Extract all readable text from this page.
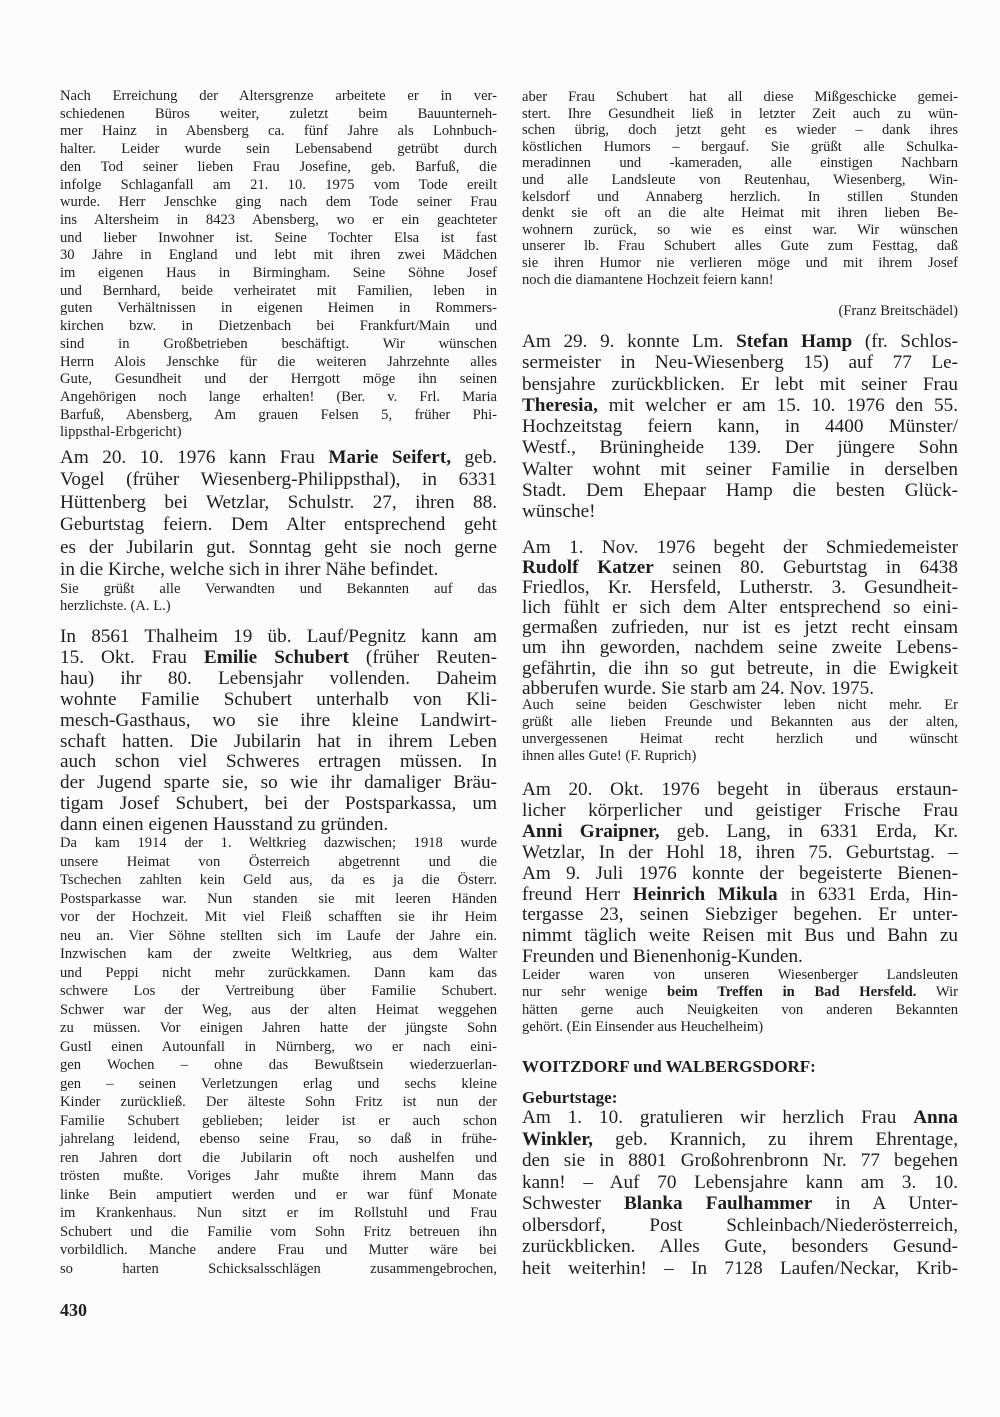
Nach Erreichung der Altersgrenze arbeitete er in ver-
schiedenen Büros weiter, zuletzt beim Bauunterneh-
mer Hainz in Abensberg ca. fünf Jahre als Lohnbuch-
halter. Leider wurde sein Lebensabend getrübt durch
den Tod seiner lieben Frau Josefine, geb. Barfuß, die
infolge Schlaganfall am 21. 10. 1975 vom Tode ereilt
wurde. Herr Jenschke ging nach dem Tode seiner Frau
ins Altersheim in 8423 Abensberg, wo er ein geachteter
und lieber Inwohner ist. Seine Tochter Elsa ist fast
30 Jahre in England und lebt mit ihren zwei Mädchen
im eigenen Haus in Birmingham. Seine Söhne Josef
und Bernhard, beide verheiratet mit Familien, leben in
guten Verhältnissen in eigenen Heimen in Rommers-
kirchen bzw. in Dietzenbach bei Frankfurt/Main und
sind in Großbetrieben beschäftigt. Wir wünschen
Herrn Alois Jenschke für die weiteren Jahrzehnte alles
Gute, Gesundheit und der Herrgott möge ihn seinen
Angehörigen noch lange erhalten! (Ber. v. Frl. Maria
Barfuß, Abensberg, Am grauen Felsen 5, früher Phi-
lippsthal-Erbgericht)
Am 20. 10. 1976 kann Frau Marie Seifert, geb.
Vogel (früher Wiesenberg-Philippsthal), in 6331
Hüttenberg bei Wetzlar, Schulstr. 27, ihren 88.
Geburtstag feiern. Dem Alter entsprechend geht
es der Jubilarin gut. Sonntag geht sie noch gerne
in die Kirche, welche sich in ihrer Nähe befindet.
Sie grüßt alle Verwandten und Bekannten auf das
herzlichste. (A. L.)
In 8561 Thalheim 19 üb. Lauf/Pegnitz kann am
15. Okt. Frau Emilie Schubert (früher Reuten-
hau) ihr 80. Lebensjahr vollenden. Daheim
wohnte Familie Schubert unterhalb von Kli-
mesch-Gasthaus, wo sie ihre kleine Landwirt-
schaft hatten. Die Jubilarin hat in ihrem Leben
auch schon viel Schweres ertragen müssen. In
der Jugend sparte sie, so wie ihr damaliger Bräu-
tigam Josef Schubert, bei der Postsparkassa, um
dann einen eigenen Hausstand zu gründen.
Da kam 1914 der 1. Weltkrieg dazwischen; 1918 wurde
unsere Heimat von Österreich abgetrennt und die
Tschechen zahlten kein Geld aus, da es ja die Österr.
Postsparkasse war. Nun standen sie mit leeren Händen
vor der Hochzeit. Mit viel Fleiß schafften sie ihr Heim
neu an. Vier Söhne stellten sich im Laufe der Jahre ein.
Inzwischen kam der zweite Weltkrieg, aus dem Walter
und Peppi nicht mehr zurückkamen. Dann kam das
schwere Los der Vertreibung über Familie Schubert.
Schwer war der Weg, aus der alten Heimat weggehen
zu müssen. Vor einigen Jahren hatte der jüngste Sohn
Gustl einen Autounfall in Nürnberg, wo er nach eini-
gen Wochen – ohne das Bewußtsein wiederzuerlan-
gen – seinen Verletzungen erlag und sechs kleine
Kinder zurückließ. Der älteste Sohn Fritz ist nun der
Familie Schubert geblieben; leider ist er auch schon
jahrelang leidend, ebenso seine Frau, so daß in frühe-
ren Jahren dort die Jubilarin oft noch aushelfen und
trösten mußte. Voriges Jahr mußte ihrem Mann das
linke Bein amputiert werden und er war fünf Monate
im Krankenhaus. Nun sitzt er im Rollstuhl und Frau
Schubert und die Familie vom Sohn Fritz betreuen ihn
vorbildlich. Manche andere Frau und Mutter wäre bei
so harten Schicksalsschlägen zusammengebrochen,
aber Frau Schubert hat all diese Mißgeschicke gemei-
stert. Ihre Gesundheit ließ in letzter Zeit auch zu wün-
schen übrig, doch jetzt geht es wieder – dank ihres
köstlichen Humors – bergauf. Sie grüßt alle Schulka-
meradinnen und -kameraden, alle einstigen Nachbarn
und alle Landsleute von Reutenhau, Wiesenberg, Win-
kelsdorf und Annaberg herzlich. In stillen Stunden
denkt sie oft an die alte Heimat mit ihren lieben Be-
wohnern zurück, so wie es einst war. Wir wünschen
unserer lb. Frau Schubert alles Gute zum Festtag, daß
sie ihren Humor nie verlieren möge und mit ihrem Josef
noch die diamantene Hochzeit feiern kann!
(Franz Breitschädel)
Am 29. 9. konnte Lm. Stefan Hamp (fr. Schlos-
sermeister in Neu-Wiesenberg 15) auf 77 Le-
bensjahre zurückblicken. Er lebt mit seiner Frau
Theresia, mit welcher er am 15. 10. 1976 den 55.
Hochzeitstag feiern kann, in 4400 Münster/
Westf., Brüningheide 139. Der jüngere Sohn
Walter wohnt mit seiner Familie in derselben
Stadt. Dem Ehepaar Hamp die besten Glück-
wünsche!
Am 1. Nov. 1976 begeht der Schmiedemeister
Rudolf Katzer seinen 80. Geburtstag in 6438
Friedlos, Kr. Hersfeld, Lutherstr. 3. Gesundheit-
lich fühlt er sich dem Alter entsprechend so eini-
germaßen zufrieden, nur ist es jetzt recht einsam
um ihn geworden, nachdem seine zweite Lebens-
gefährtin, die ihn so gut betreute, in die Ewigkeit
abberufen wurde. Sie starb am 24. Nov. 1975.
Auch seine beiden Geschwister leben nicht mehr. Er
grüßt alle lieben Freunde und Bekannten aus der alten,
unvergessenen Heimat recht herzlich und wünscht
ihnen alles Gute! (F. Ruprich)
Am 20. Okt. 1976 begeht in überaus erstaun-
licher körperlicher und geistiger Frische Frau
Anni Graipner, geb. Lang, in 6331 Erda, Kr.
Wetzlar, In der Hohl 18, ihren 75. Geburtstag. –
Am 9. Juli 1976 konnte der begeisterte Bienen-
freund Herr Heinrich Mikula in 6331 Erda, Hin-
tergasse 23, seinen Siebziger begehen. Er unter-
nimmt täglich weite Reisen mit Bus und Bahn zu
Freunden und Bienenhonig-Kunden.
Leider waren von unseren Wiesenberger Landsleuten
nur sehr wenige beim Treffen in Bad Hersfeld. Wir
hätten gerne auch Neuigkeiten von anderen Bekannten
gehört. (Ein Einsender aus Heuchelheim)
WOITZDORF und WALBERGSDORF:
Geburtstage:
Am 1. 10. gratulieren wir herzlich Frau Anna
Winkler, geb. Krannich, zu ihrem Ehrentage,
den sie in 8801 Großohrenbronn Nr. 77 begehen
kann! – Auf 70 Lebensjahre kann am 3. 10.
Schwester Blanka Faulhammer in A Unter-
olbersdorf, Post Schleinbach/Niederösterreich,
zurückblicken. Alles Gute, besonders Gesund-
heit weiterhin! – In 7128 Laufen/Neckar, Krib-
430
